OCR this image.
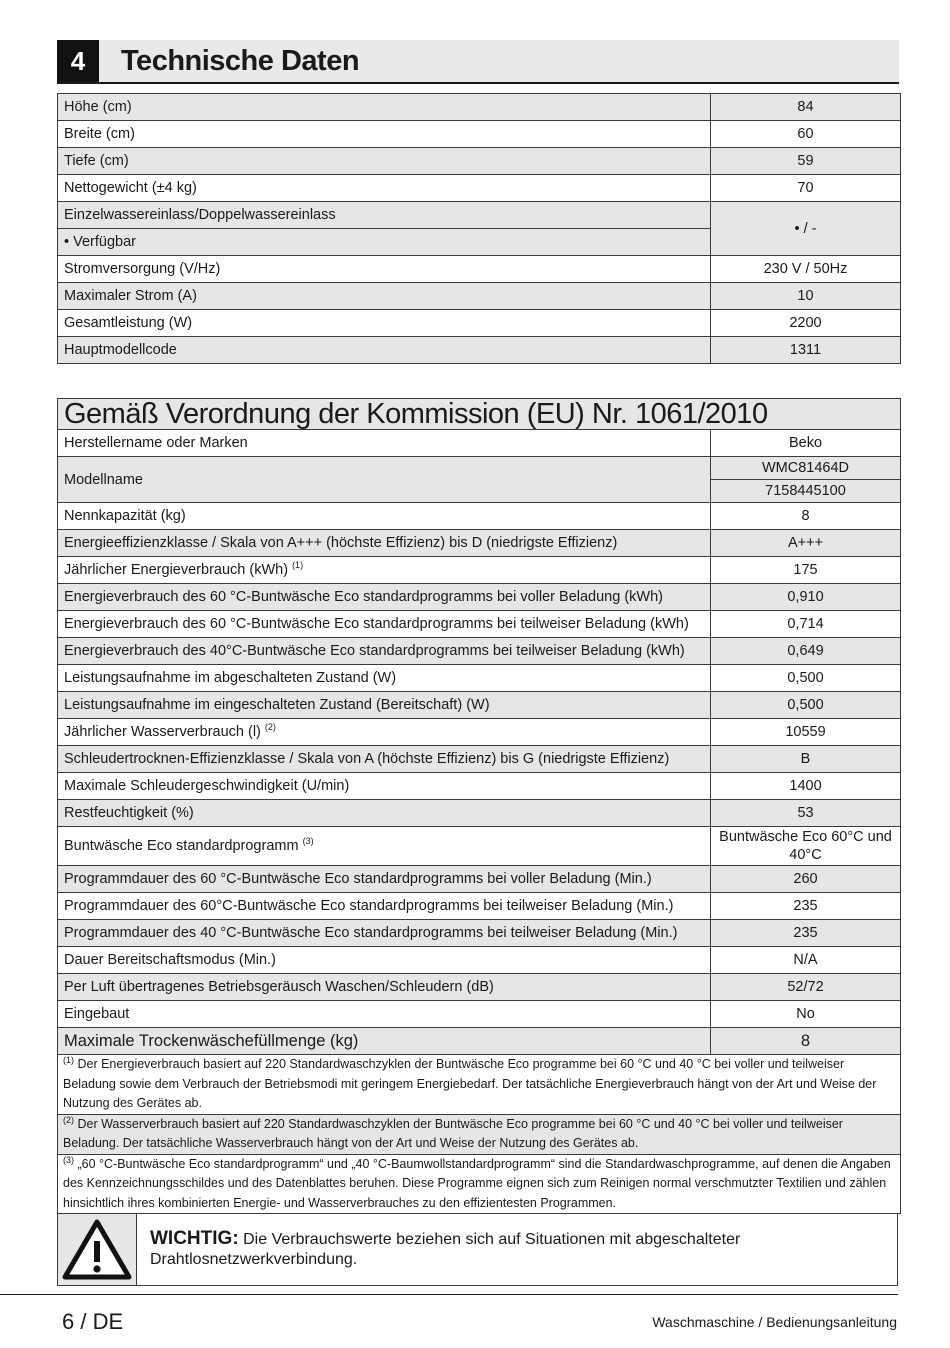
4	Technische Daten
Höhe (cm)	84
Breite (cm)	60
Tiefe (cm)	59
Nettogewicht (±4 kg)	70
Einzelwassereinlass/Doppelwassereinlass	• / -
• Verfügbar	
Stromversorgung (V/Hz)	230 V / 50Hz
Maximaler Strom (A)	10
Gesamtleistung (W)	2200
Hauptmodellcode	1311
Gemäß Verordnung der Kommission (EU) Nr. 1061/2010	
Herstellername oder Marken	Beko
Modellname	WMC81464D
	7158445100
Nennkapazität (kg)	8
Energieeffizienzklasse / Skala von A+++ (höchste Effizienz) bis D (niedrigste Effizienz)	A+++
Jährlicher Energieverbrauch (kWh) $^{(1)}$	175
Energieverbrauch des 60 °C-Buntwäsche Eco standardprogramms bei voller Beladung (kWh)	0,910
Energieverbrauch des 60 °C-Buntwäsche Eco standardprogramms bei teilweiser Beladung (kWh)	0,714
Energieverbrauch des 40°C-Buntwäsche Eco standardprogramms bei teilweiser Beladung (kWh)	0,649
Leistungsaufnahme im abgeschalteten Zustand (W)	0,500
Leistungsaufnahme im eingeschalteten Zustand (Bereitschaft) (W)	0,500
Jährlicher Wasserverbrauch (l) $^{(2)}$	10559
Schleudertrocknen-Effizienzklasse / Skala von A (höchste Effizienz) bis G (niedrigste Effizienz)	B
Maximale Schleudergeschwindigkeit (U/min)	1400
Restfeuchtigkeit (%)	53
Buntwäsche Eco standardprogramm $^{(3)}$	Buntwäsche Eco 60°C und 40°C
Programmdauer des 60 °C-Buntwäsche Eco standardprogramms bei voller Beladung (Min.)	260
Programmdauer des 60°C-Buntwäsche Eco standardprogramms bei teilweiser Beladung (Min.)	235
Programmdauer des 40 °C-Buntwäsche Eco standardprogramms bei teilweiser Beladung (Min.)	235
Dauer Bereitschaftsmodus (Min.)	N/A
Per Luft übertragenes Betriebsgeräusch Waschen/Schleudern (dB)	52/72
Eingebaut	No
Maximale Trockenwäschefüllmenge (kg)	8
$^{(1)}$ Der Energieverbrauch basiert auf 220 Standardwaschzyklen der Buntwäsche Eco programme bei 60 °C und 40 °C bei voller und teilweiser Beladung sowie dem Verbrauch der Betriebsmodi mit geringem Energiebedarf. Der tatsächliche Energieverbrauch hängt von der Art und Weise der Nutzung des Gerätes ab.	
$^{(2)}$ Der Wasserverbrauch basiert auf 220 Standardwaschzyklen der Buntwäsche Eco programme bei 60 °C und 40 °C bei voller und teilweiser Beladung. Der tatsächliche Wasserverbrauch hängt von der Art und Weise der Nutzung des Gerätes ab.	
$^{(3)}$ „60 °C-Buntwäsche Eco standardprogramm“ und „40 °C-Baumwollstandardprogramm“ sind die Standardwaschprogramme, auf denen die Angaben des Kennzeichnungsschildes und des Datenblattes beruhen. Diese Programme eignen sich zum Reinigen normal verschmutzter Textilien und zählen hinsichtlich ihres kombinierten Energie- und Wasserverbrauches zu den effizientesten Programmen.	
WICHTIG: Die Verbrauchswerte beziehen sich auf Situationen mit abgeschalteter Drahtlosnetzwerkverbindung.
6 / DE	Waschmaschine / Bedienungsanleitung
